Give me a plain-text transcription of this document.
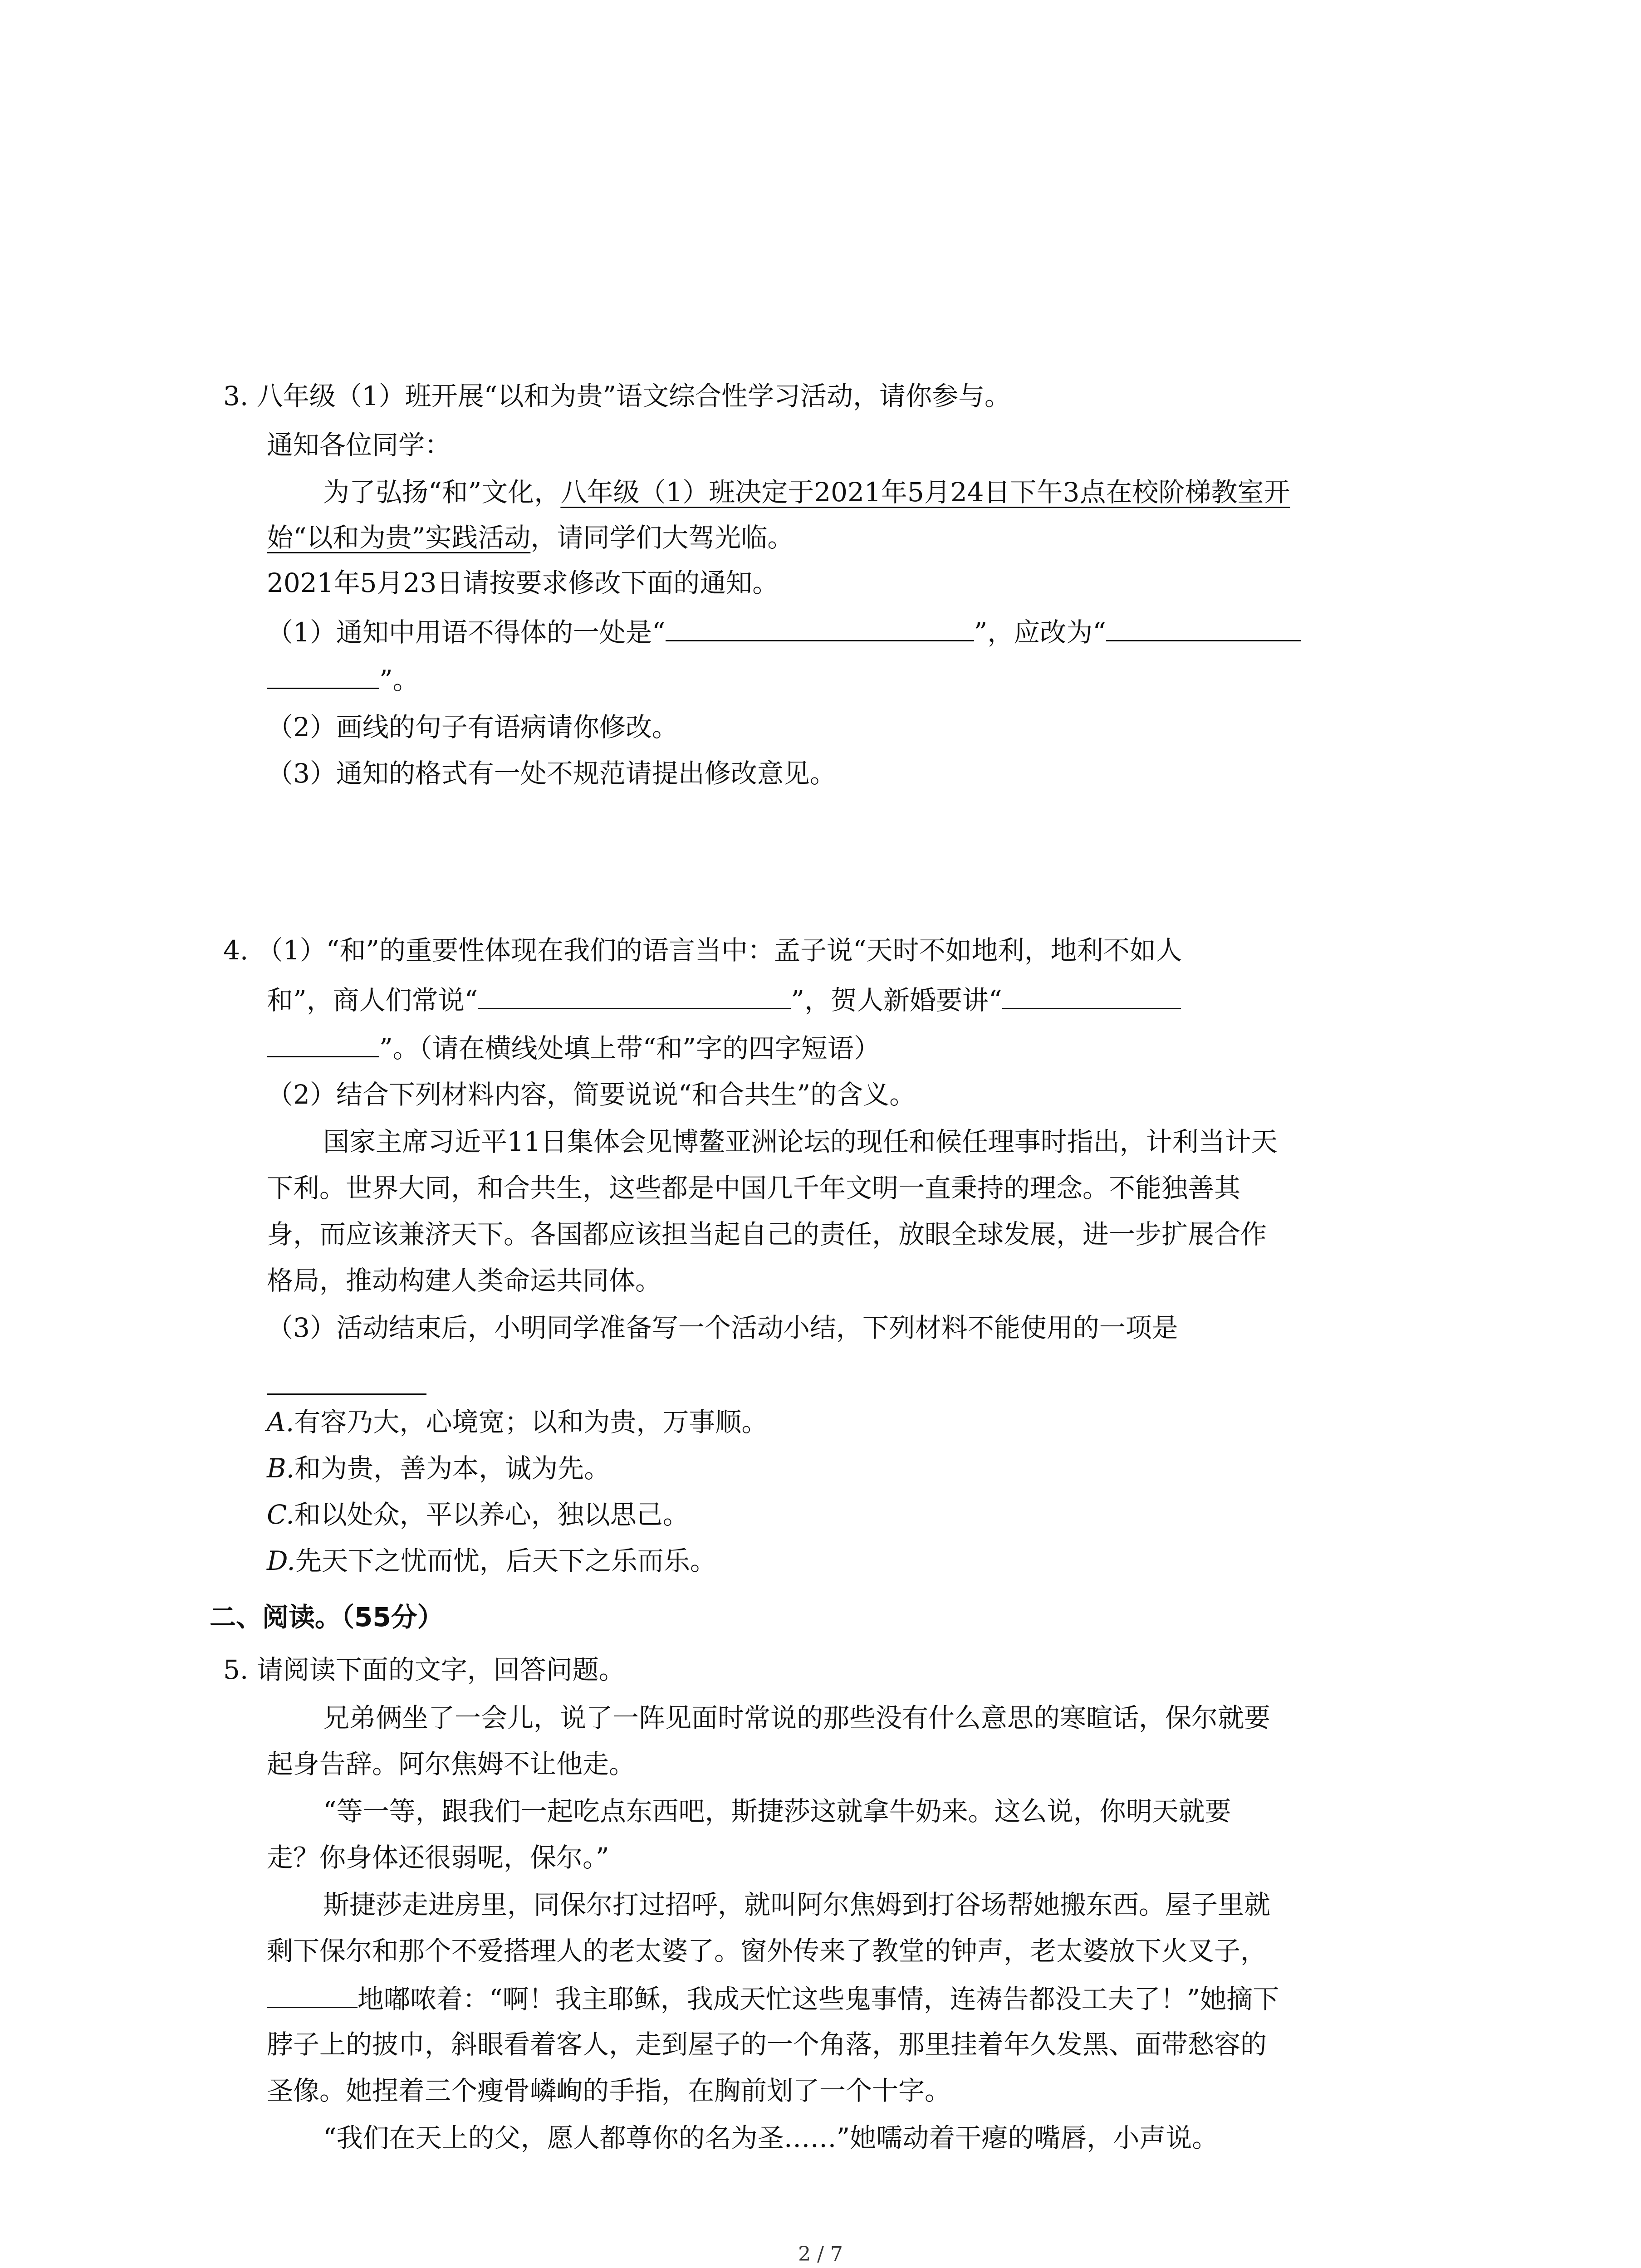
3. 八年级（1）班开展“以和为贵”语文综合性学习活动，请你参与。
通知各位同学：
为了弘扬“和”文化，八年级（1）班决定于2021年5月24日下午3点在校阶梯教室开
始“以和为贵”实践活动，请同学们大驾光临。
2021年5月23日请按要求修改下面的通知。
（1）通知中用语不得体的一处是“	”，应改为“
”。
（2）画线的句子有语病请你修改。
（3）通知的格式有一处不规范请提出修改意见。
4. （1）“和”的重要性体现在我们的语言当中：孟子说“天时不如地利，地利不如人
和”，商人们常说“	”，贺人新婚要讲“
”。（请在横线处填上带“和”字的四字短语）
（2）结合下列材料内容，简要说说“和合共生”的含义。
国家主席习近平11日集体会见博鳌亚洲论坛的现任和候任理事时指出，计利当计天
下利。世界大同，和合共生，这些都是中国几千年文明一直秉持的理念。不能独善其
身，而应该兼济天下。各国都应该担当起自己的责任，放眼全球发展，进一步扩展合作
格局，推动构建人类命运共同体。
（3）活动结束后，小明同学准备写一个活动小结，下列材料不能使用的一项是
A.有容乃大，心境宽；以和为贵，万事顺。
B.和为贵，善为本，诚为先。
C.和以处众，平以养心，独以思己。
D.先天下之忧而忧，后天下之乐而乐。
二、阅读。（55分）
5. 请阅读下面的文字，回答问题。
兄弟俩坐了一会儿，说了一阵见面时常说的那些没有什么意思的寒暄话，保尔就要
起身告辞。阿尔焦姆不让他走。
“等一等，跟我们一起吃点东西吧，斯捷莎这就拿牛奶来。这么说，你明天就要
走？你身体还很弱呢，保尔。”
斯捷莎走进房里，同保尔打过招呼，就叫阿尔焦姆到打谷场帮她搬东西。屋子里就
剩下保尔和那个不爱搭理人的老太婆了。窗外传来了教堂的钟声，老太婆放下火叉子，
地嘟哝着：“啊！我主耶稣，我成天忙这些鬼事情，连祷告都没工夫了！”她摘下
脖子上的披巾，斜眼看着客人，走到屋子的一个角落，那里挂着年久发黑、面带愁容的
圣像。她捏着三个瘦骨嶙峋的手指，在胸前划了一个十字。
“我们在天上的父，愿人都尊你的名为圣……”她嚅动着干瘪的嘴唇，小声说。
2 / 7
